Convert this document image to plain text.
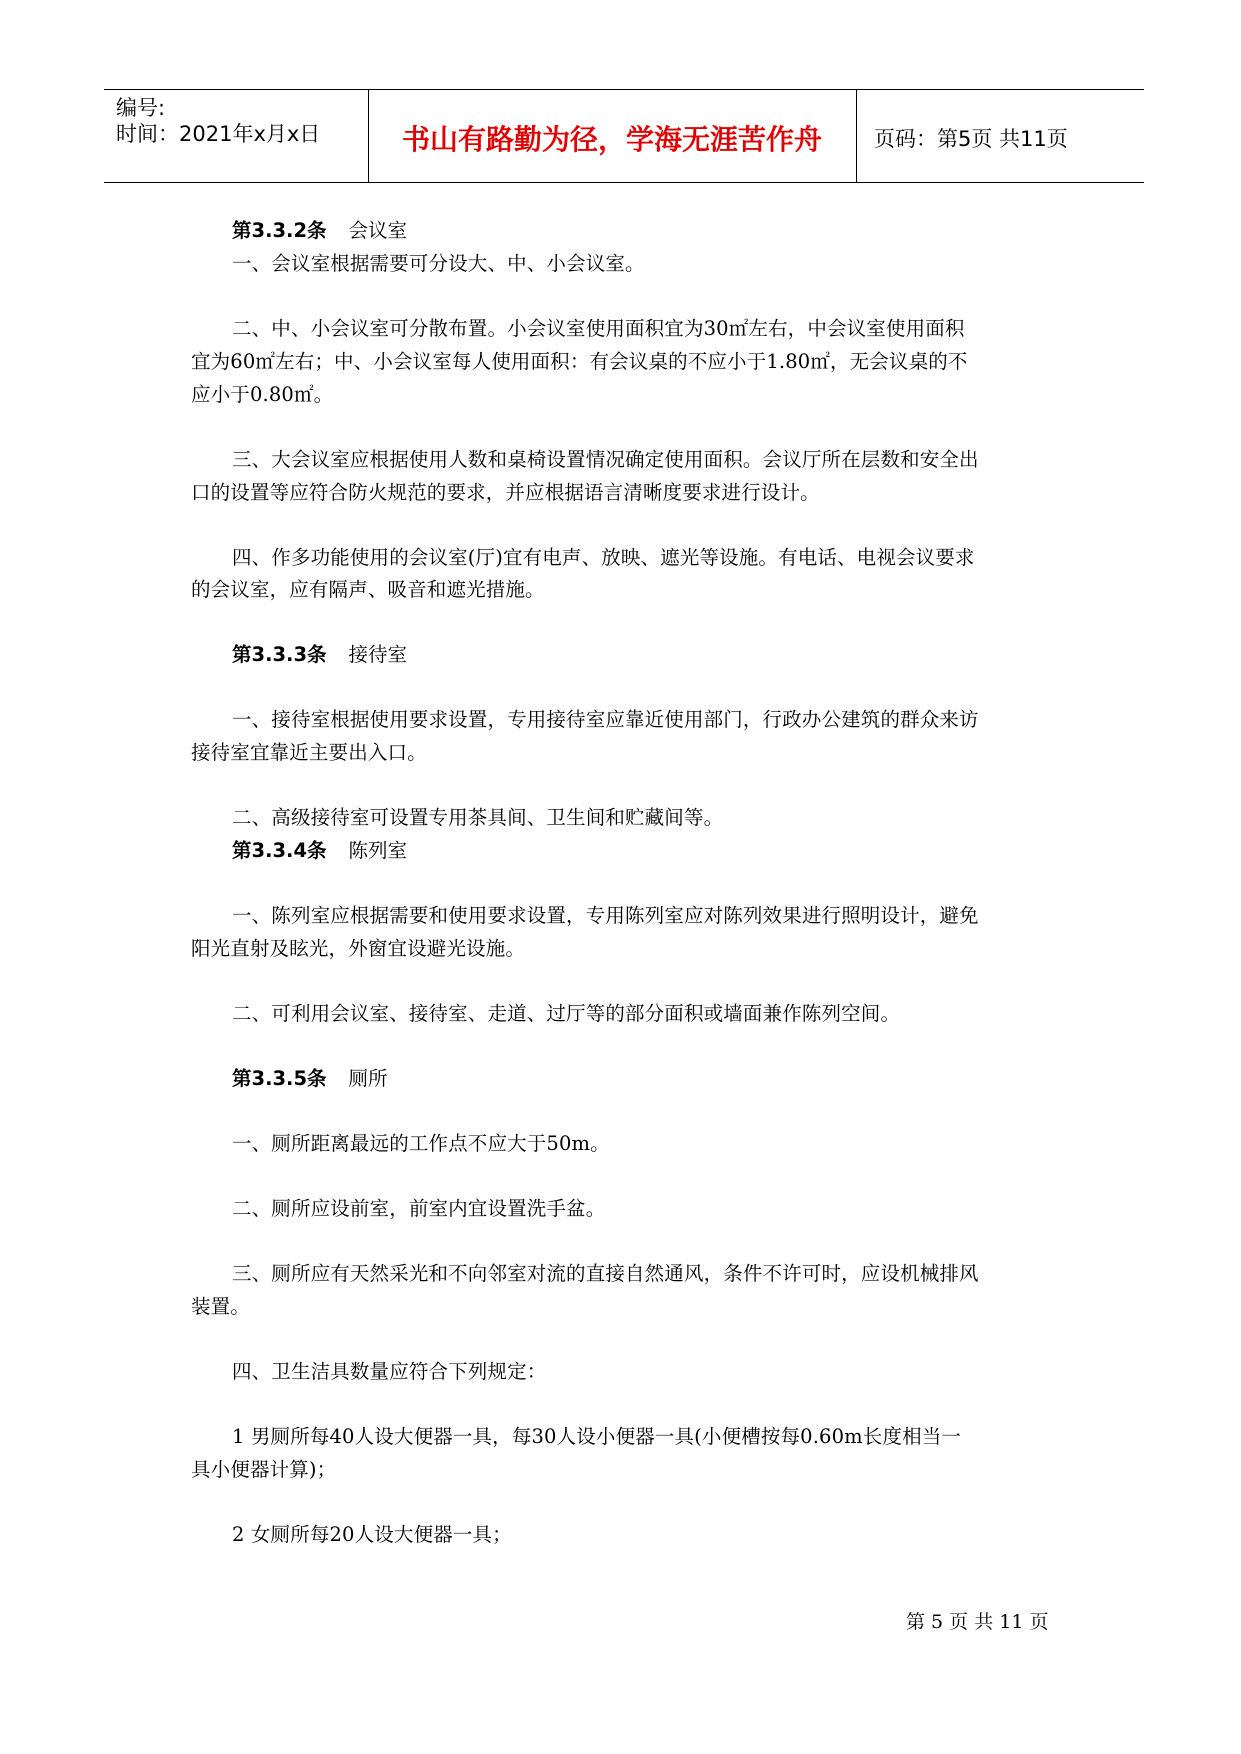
编号:
时间：2021年x月x日	书山有路勤为径，学海无涯苦作舟	页码：第5页 共11页
第3.3.2条 会议室
一、会议室根据需要可分设大、中、小会议室。
二、中、小会议室可分散布置。小会议室使用面积宜为30㎡左右，中会议室使用面积
宜为60㎡左右；中、小会议室每人使用面积：有会议桌的不应小于1.80㎡，无会议桌的不
应小于0.80㎡。
三、大会议室应根据使用人数和桌椅设置情况确定使用面积。会议厅所在层数和安全出
口的设置等应符合防火规范的要求，并应根据语言清晰度要求进行设计。
四、作多功能使用的会议室(厅)宜有电声、放映、遮光等设施。有电话、电视会议要求
的会议室，应有隔声、吸音和遮光措施。
第3.3.3条 接待室
一、接待室根据使用要求设置，专用接待室应靠近使用部门，行政办公建筑的群众来访
接待室宜靠近主要出入口。
二、高级接待室可设置专用茶具间、卫生间和贮藏间等。
第3.3.4条 陈列室
一、陈列室应根据需要和使用要求设置，专用陈列室应对陈列效果进行照明设计，避免
阳光直射及眩光，外窗宜设避光设施。
二、可利用会议室、接待室、走道、过厅等的部分面积或墙面兼作陈列空间。
第3.3.5条 厕所
一、厕所距离最远的工作点不应大于50m。
二、厕所应设前室，前室内宜设置洗手盆。
三、厕所应有天然采光和不向邻室对流的直接自然通风，条件不许可时，应设机械排风
装置。
四、卫生洁具数量应符合下列规定：
1 男厕所每40人设大便器一具，每30人设小便器一具(小便槽按每0.60m长度相当一
具小便器计算)；
2 女厕所每20人设大便器一具；
第 5 页 共 11 页
